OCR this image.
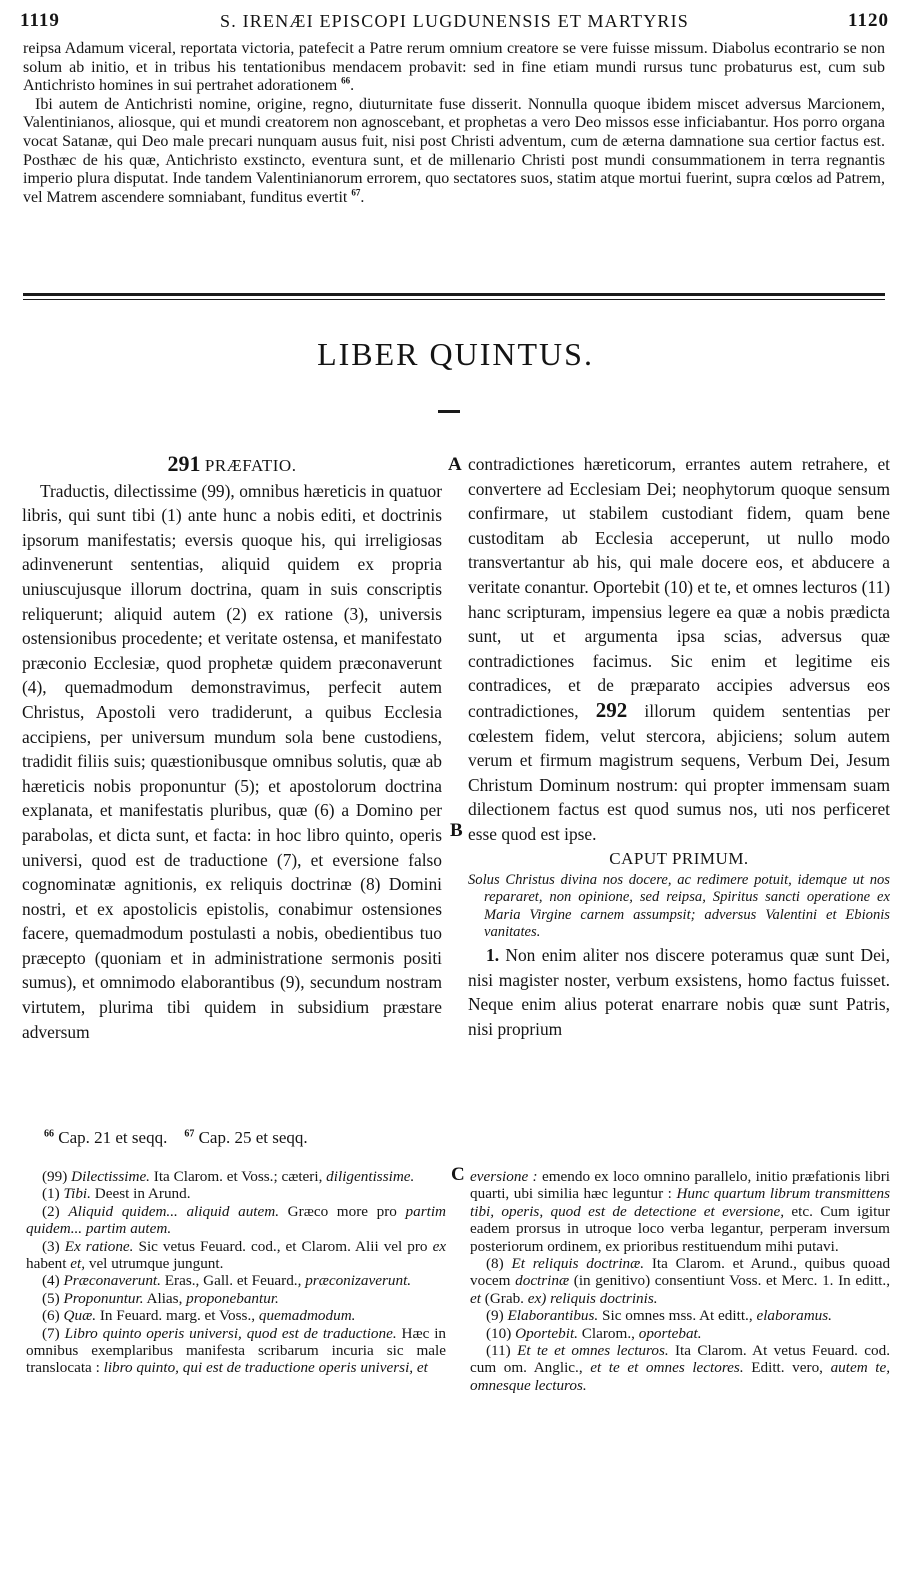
1119	S. IRENÆI EPISCOPI LUGDUNENSIS ET MARTYRIS	1120

reipsa Adamum viceral, reportata victoria, patefecit a Patre rerum omnium creatore se vere fuisse missum. Diabolus econtrario se non solum ab initio, et in tribus his tentationibus mendacem probavit: sed in fine etiam mundi rursus tunc probaturus est, cum sub Antichristo homines in sui pertrahet adorationem $^{66}$.

Ibi autem de Antichristi nomine, origine, regno, diuturnitate fuse disserit. Nonnulla quoque ibidem miscet adversus Marcionem, Valentinianos, aliosque, qui et mundi creatorem non agnoscebant, et prophetas a vero Deo missos esse inficiabantur. Hos porro organa vocat Satanæ, qui Deo male precari nunquam ausus fuit, nisi post Christi adventum, cum de æterna damnatione sua certior factus est. Posthæc de his quæ, Antichristo exstincto, eventura sunt, et de millenario Christi post mundi consummationem in terra regnantis imperio plura disputat. Inde tandem Valentinianorum errorem, quo sectatores suos, statim atque mortui fuerint, supra cœlos ad Patrem, vel Matrem ascendere somniabant, funditus evertit $^{67}$.

LIBER QUINTUS.

291 PRÆFATIO.

Traductis, dilectissime (99), omnibus hæreticis in quatuor libris, qui sunt tibi (1) ante hunc a nobis editi, et doctrinis ipsorum manifestatis; eversis quoque his, qui irreligiosas adinvenerunt sententias, aliquid quidem ex propria uniuscujusque illorum doctrina, quam in suis conscriptis reliquerunt; aliquid autem (2) ex ratione (3), universis ostensionibus procedente; et veritate ostensa, et manifestato præconio Ecclesiæ, quod prophetæ quidem præconaverunt (4), quemadmodum demonstravimus, perfecit autem Christus, Apostoli vero tradiderunt, a quibus Ecclesia accipiens, per universum mundum sola bene custodiens, tradidit filiis suis; quæstionibusque omnibus solutis, quæ ab hæreticis nobis proponuntur (5); et apostolorum doctrina explanata, et manifestatis pluribus, quæ (6) a Domino per parabolas, et dicta sunt, et facta: in hoc libro quinto, operis universi, quod est de traductione (7), et eversione falso cognominatæ agnitionis, ex reliquis doctrinæ (8) Domini nostri, et ex apostolicis epistolis, conabimur ostensiones facere, quemadmodum postulasti a nobis, obedientibus tuo præcepto (quoniam et in administratione sermonis positi sumus), et omnimodo elaborantibus (9), secundum nostram virtutem, plurima tibi quidem in subsidium præstare adversum

contradictiones hæreticorum, errantes autem retrahere, et convertere ad Ecclesiam Dei; neophytorum quoque sensum confirmare, ut stabilem custodiant fidem, quam bene custoditam ab Ecclesia acceperunt, ut nullo modo transvertantur ab his, qui male docere eos, et abducere a veritate conantur. Oportebit (10) et te, et omnes lecturos (11) hanc scripturam, impensius legere ea quæ a nobis prædicta sunt, ut et argumenta ipsa scias, adversus quæ contradictiones facimus. Sic enim et legitime eis contradices, et de præparato accipies adversus eos contradictiones, 292 illorum quidem sententias per cœlestem fidem, velut stercora, abjiciens; solum autem verum et firmum magistrum sequens, Verbum Dei, Jesum Christum Dominum nostrum: qui propter immensam suam dilectionem factus est quod sumus nos, uti nos perficeret esse quod est ipse.

CAPUT PRIMUM.

Solus Christus divina nos docere, ac redimere potuit, idemque ut nos repararet, non opinione, sed reipsa, Spiritus sancti operatione ex Maria Virgine carnem assumpsit; adversus Valentini et Ebionis vanitates.

1. Non enim aliter nos discere poteramus quæ sunt Dei, nisi magister noster, verbum exsistens, homo factus fuisset. Neque enim alius poterat enarrare nobis quæ sunt Patris, nisi proprium

A
B
C
$^{66}$ Cap. 21 et seqq. $^{67}$ Cap. 25 et seqq.

(99) Dilectissime. Ita Clarom. et Voss.; cæteri, diligentissime.

(1) Tibi. Deest in Arund.

(2) Aliquid quidem... aliquid autem. Græco more pro partim quidem... partim autem.

(3) Ex ratione. Sic vetus Feuard. cod., et Clarom. Alii vel pro ex habent et, vel utrumque jungunt.

(4) Præconaverunt. Eras., Gall. et Feuard., præconizaverunt.

(5) Proponuntur. Alias, proponebantur.

(6) Quæ. In Feuard. marg. et Voss., quemadmodum.

(7) Libro quinto operis universi, quod est de traductione. Hæc in omnibus exemplaribus manifesta scribarum incuria sic male translocata : libro quinto, qui est de traductione operis universi, et

eversione : emendo ex loco omnino parallelo, initio præfationis libri quarti, ubi similia hæc leguntur : Hunc quartum librum transmittens tibi, operis, quod est de detectione et eversione, etc. Cum igitur eadem prorsus in utroque loco verba legantur, perperam inversum posteriorum ordinem, ex prioribus restituendum mihi putavi.

(8) Et reliquis doctrinæ. Ita Clarom. et Arund., quibus quoad vocem doctrinæ (in genitivo) consentiunt Voss. et Merc. 1. In editt., et (Grab. ex) reliquis doctrinis.

(9) Elaborantibus. Sic omnes mss. At editt., elaboramus.

(10) Oportebit. Clarom., oportebat.

(11) Et te et omnes lecturos. Ita Clarom. At vetus Feuard. cod. cum om. Anglic., et te et omnes lectores. Editt. vero, autem te, omnesque lecturos.
